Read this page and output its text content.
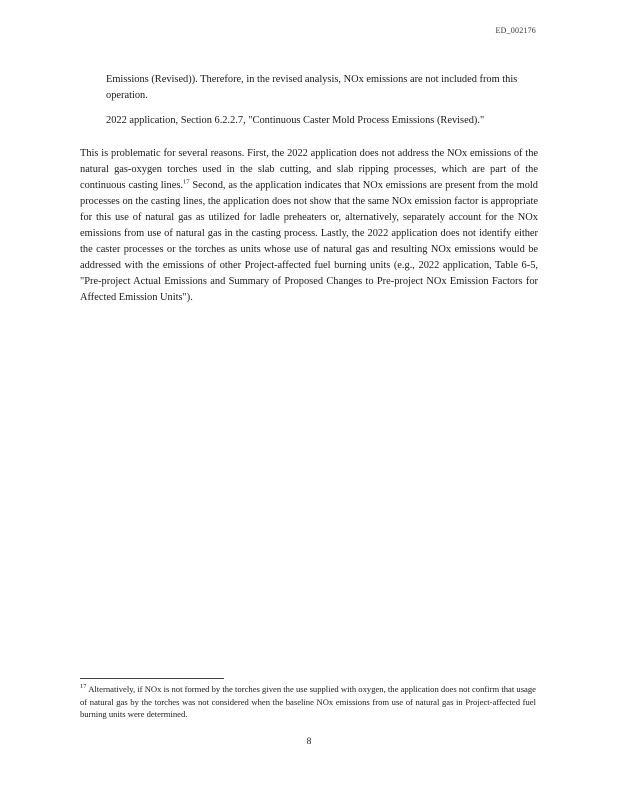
ED_002176
Emissions (Revised)). Therefore, in the revised analysis, NOx emissions are not included from this operation.
2022 application, Section 6.2.2.7, "Continuous Caster Mold Process Emissions (Revised)."
This is problematic for several reasons. First, the 2022 application does not address the NOx emissions of the natural gas-oxygen torches used in the slab cutting, and slab ripping processes, which are part of the continuous casting lines.$^{17}$ Second, as the application indicates that NOx emissions are present from the mold processes on the casting lines, the application does not show that the same NOx emission factor is appropriate for this use of natural gas as utilized for ladle preheaters or, alternatively, separately account for the NOx emissions from use of natural gas in the casting process. Lastly, the 2022 application does not identify either the caster processes or the torches as units whose use of natural gas and resulting NOx emissions would be addressed with the emissions of other Project-affected fuel burning units (e.g., 2022 application, Table 6-5, "Pre-project Actual Emissions and Summary of Proposed Changes to Pre-project NOx Emission Factors for Affected Emission Units").
$^{17}$ Alternatively, if NOx is not formed by the torches given the use supplied with oxygen, the application does not confirm that usage of natural gas by the torches was not considered when the baseline NOx emissions from use of natural gas in Project-affected fuel burning units were determined.
8
